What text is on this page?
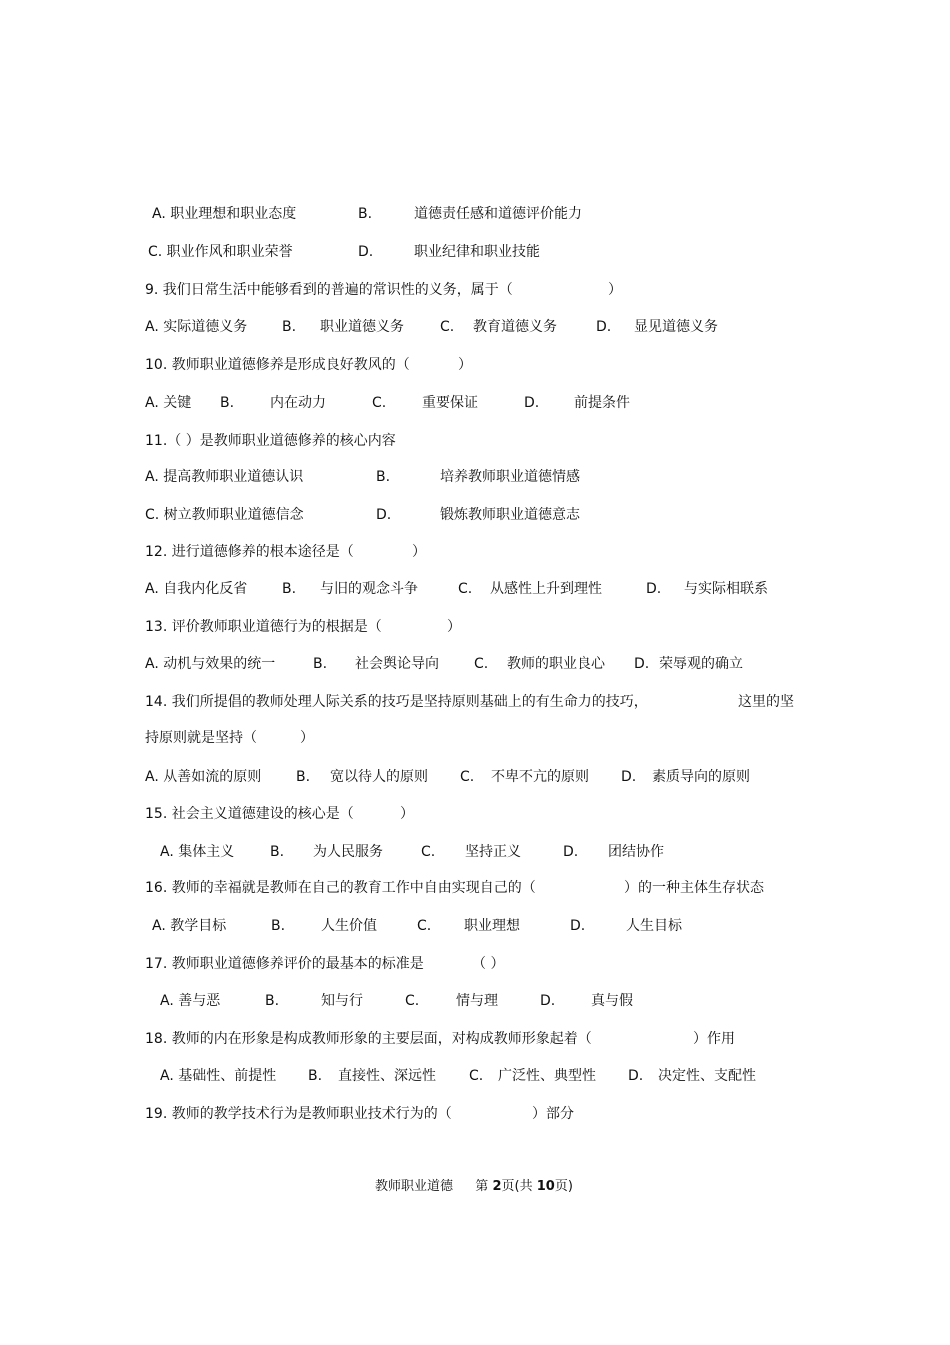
A. 职业理想和职业态度	B.	道德责任感和道德评价能力
C. 职业作风和职业荣誉	D.	职业纪律和职业技能
9. 我们日常生活中能够看到的普遍的常识性的义务，属于（	）
A. 实际道德义务 B. 职业道德义务	C. 教育道德义务	D. 显见道德义务
10. 教师职业道德修养是形成良好教风的（	）
A. 关键 B.	内在动力	C.	重要保证	D. 前提条件
11.（ ）是教师职业道德修养的核心内容
A. 提高教师职业道德认识	B.	培养教师职业道德情感
C. 树立教师职业道德信念	D.	锻炼教师职业道德意志
12. 进行道德修养的根本途径是（	）
A. 自我内化反省 B. 与旧的观念斗争	C. 从感性上升到理性	D. 与实际相联系
13. 评价教师职业道德行为的根据是（	）
A. 动机与效果的统一	B. 社会舆论导向	C. 教师的职业良心 D. 荣辱观的确立
14. 我们所提倡的教师处理人际关系的技巧是坚持原则基础上的有生命力的技巧，	这里的坚
持原则就是坚持（	）
A. 从善如流的原则 B. 宽以待人的原则 C. 不卑不亢的原则 D. 素质导向的原则
15. 社会主义道德建设的核心是（	）
A. 集体主义	B. 为人民服务	C. 坚持正义	D. 团结协作
16. 教师的幸福就是教师在自己的教育工作中自由实现自己的（	）的一种主体生存状态
A. 教学目标	B.	人生价值	C. 职业理想	D.	人生目标
17. 教师职业道德修养评价的最基本的标准是	（ ）
A. 善与恶	B.	知与行	C.	情与理	D.	真与假
18. 教师的内在形象是构成教师形象的主要层面，对构成教师形象起着（	）作用
A. 基础性、前提性 B. 直接性、深远性 C. 广泛性、典型性 D. 决定性、支配性
19. 教师的教学技术行为是教师职业技术行为的（	）部分
教师职业道德 第 2页(共 10页)
